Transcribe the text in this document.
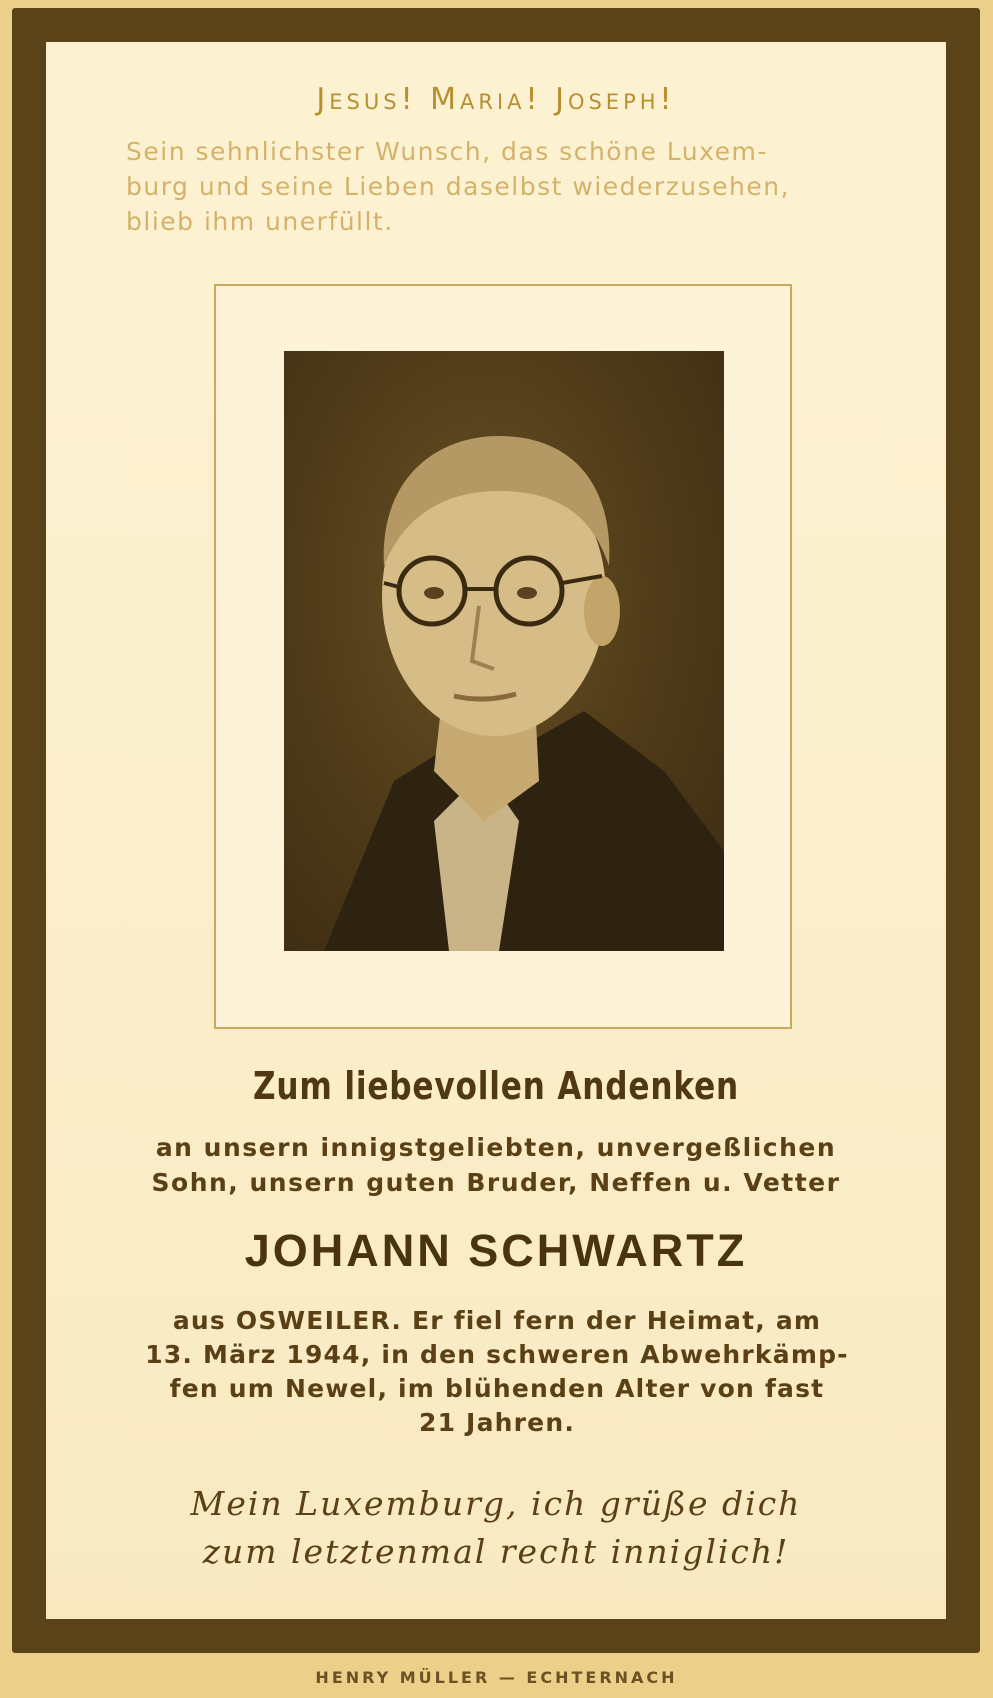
Jesus! Maria! Joseph!
Sein sehnlichster Wunsch, das schöne Luxem-
burg und seine Lieben daselbst wiederzusehen,
blieb ihm unerfüllt.
Zum liebevollen Andenken
an unsern innigstgeliebten, unvergeßlichen
Sohn, unsern guten Bruder, Neffen u. Vetter
JOHANN SCHWARTZ
aus OSWEILER. Er fiel fern der Heimat, am
13. März 1944, in den schweren Abwehrkämp-
fen um Newel, im blühenden Alter von fast
21 Jahren.
Mein Luxemburg, ich grüße dich
zum letztenmal recht inniglich!
HENRY MÜLLER — ECHTERNACH
